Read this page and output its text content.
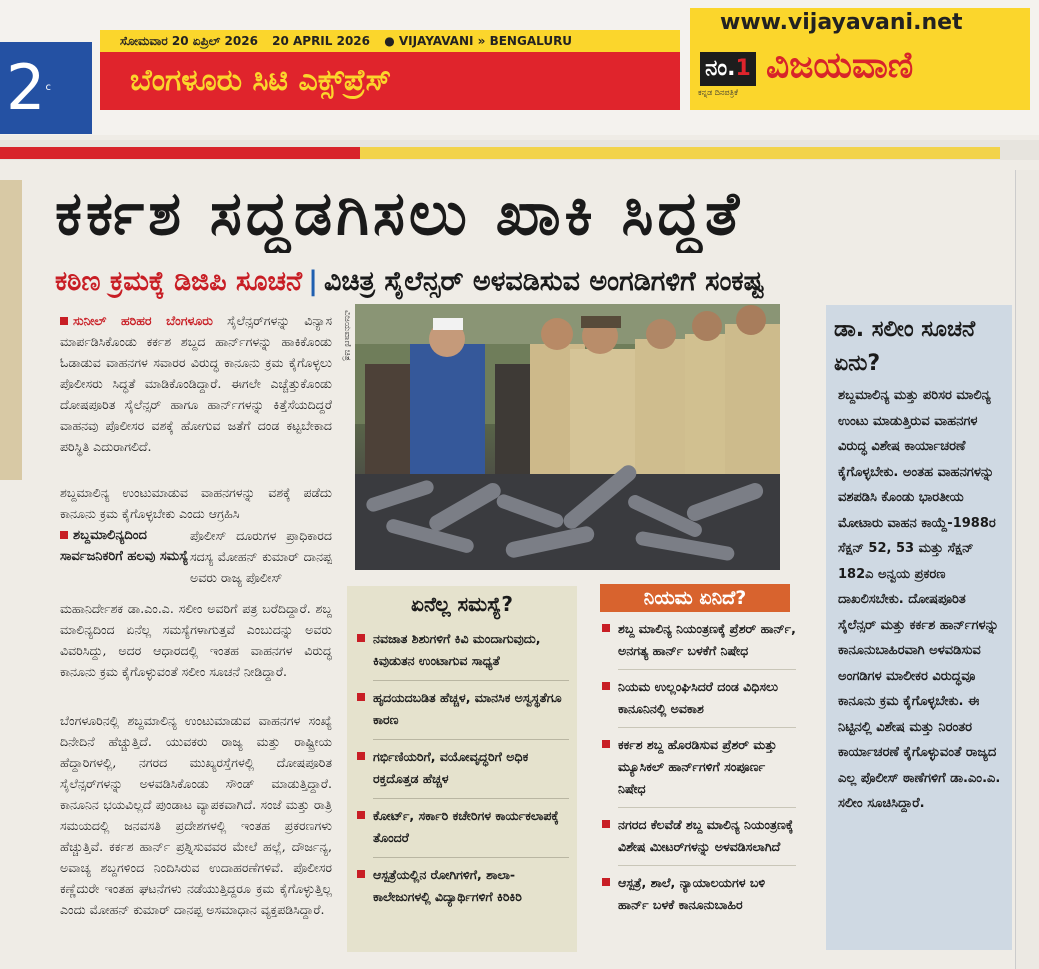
2c
ಸೋಮವಾರ 20 ಏಪ್ರಿಲ್ 2026 20 APRIL 2026 ● VIJAYAVANI » BENGALURU
ಬೆಂಗಳೂರು ಸಿಟಿ ಎಕ್ಸ್‌ಪ್ರೆಸ್
www.vijayavani.net
ನಂ.1
ಕನ್ನಡ ದಿನಪತ್ರಿಕೆ
ವಿಜಯವಾಣಿ
ಕರ್ಕಶ ಸದ್ದಡಗಿಸಲು ಖಾಕಿ ಸಿದ್ಧತೆ
ಕಠಿಣ ಕ್ರಮಕ್ಕೆ ಡಿಜಿಪಿ ಸೂಚನೆ | ವಿಚಿತ್ರ ಸೈಲೆನ್ಸರ್ ಅಳವಡಿಸುವ ಅಂಗಡಿಗಳಿಗೆ ಸಂಕಷ್ಟ

ಸುನೀಲ್ ಹರಿಹರ ಬೆಂಗಳೂರು ಸೈಲೆನ್ಸರ್‌ಗಳನ್ನು ವಿನ್ಯಾಸ ಮಾರ್ಪಡಿಸಿಕೊಂಡು ಕರ್ಕಶ ಶಬ್ದದ ಹಾರ್ನ್‌ಗಳನ್ನು ಹಾಕಿಕೊಂಡು ಓಡಾಡುವ ವಾಹನಗಳ ಸವಾರರ ವಿರುದ್ಧ ಕಾನೂನು ಕ್ರಮ ಕೈಗೊಳ್ಳಲು ಪೊಲೀಸರು ಸಿದ್ಧತೆ ಮಾಡಿಕೊಂಡಿದ್ದಾರೆ. ಈಗಲೇ ಎಚ್ಚೆತ್ತುಕೊಂಡು ದೋಷಪೂರಿತ ಸೈಲೆನ್ಸರ್ ಹಾಗೂ ಹಾರ್ನ್‌ಗಳನ್ನು ಕಿತ್ತೆಸೆಯದಿದ್ದರೆ ವಾಹನವು ಪೊಲೀಸರ ವಶಕ್ಕೆ ಹೋಗುವ ಜತೆಗೆ ದಂಡ ಕಟ್ಟಬೇಕಾದ ಪರಿಸ್ಥಿತಿ ಎದುರಾಗಲಿದೆ.

ಶಬ್ದಮಾಲಿನ್ಯ ಉಂಟುಮಾಡುವ ವಾಹನಗಳನ್ನು ವಶಕ್ಕೆ ಪಡೆದು ಕಾನೂನು ಕ್ರಮ ಕೈಗೊಳ್ಳಬೇಕು ಎಂದು ಆಗ್ರಹಿಸಿ
ಶಬ್ದಮಾಲಿನ್ಯದಿಂದ ಸಾರ್ವಜನಿಕರಿಗೆ ಹಲವು ಸಮಸ್ಯೆ
ಪೊಲೀಸ್ ದೂರುಗಳ ಪ್ರಾಧಿಕಾರದ ಸದಸ್ಯ ಮೋಹನ್ ಕುಮಾರ್ ದಾನಪ್ಪ ಅವರು ರಾಜ್ಯ ಪೊಲೀಸ್
ಮಹಾನಿರ್ದೇಶಕ ಡಾ.ಎಂ.ಎ. ಸಲೀಂ ಅವರಿಗೆ ಪತ್ರ ಬರೆದಿದ್ದಾರೆ. ಶಬ್ದ ಮಾಲಿನ್ಯದಿಂದ ಏನೆಲ್ಲ ಸಮಸ್ಯೆಗಳಾಗುತ್ತವೆ ಎಂಬುದನ್ನು ಅವರು ವಿವರಿಸಿದ್ದು, ಅದರ ಆಧಾರದಲ್ಲಿ ಇಂತಹ ವಾಹನಗಳ ವಿರುದ್ಧ ಕಾನೂನು ಕ್ರಮ ಕೈಗೊಳ್ಳುವಂತೆ ಸಲೀಂ ಸೂಚನೆ ನೀಡಿದ್ದಾರೆ.
ಬೆಂಗಳೂರಿನಲ್ಲಿ ಶಬ್ದಮಾಲಿನ್ಯ ಉಂಟುಮಾಡುವ ವಾಹನಗಳ ಸಂಖ್ಯೆ ದಿನೇದಿನೆ ಹೆಚ್ಚುತ್ತಿದೆ. ಯುವಕರು ರಾಜ್ಯ ಮತ್ತು ರಾಷ್ಟ್ರೀಯ ಹೆದ್ದಾರಿಗಳಲ್ಲಿ, ನಗರದ ಮುಖ್ಯರಸ್ತೆಗಳಲ್ಲಿ ದೋಷಪೂರಿತ ಸೈಲೆನ್ಸರ್‌ಗಳನ್ನು ಅಳವಡಿಸಿಕೊಂಡು ಸೌಂಡ್ ಮಾಡುತ್ತಿದ್ದಾರೆ. ಕಾನೂನಿನ ಭಯವಿಲ್ಲದೆ ಪುಂಡಾಟ ವ್ಯಾಪಕವಾಗಿದೆ. ಸಂಜೆ ಮತ್ತು ರಾತ್ರಿ ಸಮಯದಲ್ಲಿ ಜನವಸತಿ ಪ್ರದೇಶಗಳಲ್ಲಿ ಇಂತಹ ಪ್ರಕರಣಗಳು ಹೆಚ್ಚುತ್ತಿವೆ. ಕರ್ಕಶ ಹಾರ್ನ್ ಪ್ರಶ್ನಿಸುವವರ ಮೇಲೆ ಹಲ್ಲೆ, ದೌರ್ಜನ್ಯ, ಅವಾಚ್ಯ ಶಬ್ದಗಳಿಂದ ನಿಂದಿಸಿರುವ ಉದಾಹರಣೆಗಳಿವೆ. ಪೊಲೀಸರ ಕಣ್ಣೆದುರೇ ಇಂತಹ ಘಟನೆಗಳು ನಡೆಯುತ್ತಿದ್ದರೂ ಕ್ರಮ ಕೈಗೊಳ್ಳುತ್ತಿಲ್ಲ ಎಂದು ಮೋಹನ್ ಕುಮಾರ್ ದಾನಪ್ಪ ಅಸಮಾಧಾನ ವ್ಯಕ್ತಪಡಿಸಿದ್ದಾರೆ.
ವಿಜಯವಾಣಿ ಚಿತ್ರ
ಏನೆಲ್ಲ ಸಮಸ್ಯೆ?
ನವಜಾತ ಶಿಶುಗಳಿಗೆ ಕಿವಿ ಮಂದಾಗುವುದು, ಕಿವುಡುತನ ಉಂಟಾಗುವ ಸಾಧ್ಯತೆ
ಹೃದಯದಬಡಿತ ಹೆಚ್ಚಳ, ಮಾನಸಿಕ ಅಸ್ವಸ್ಥತೆಗೂ ಕಾರಣ
ಗರ್ಭಿಣಿಯರಿಗೆ, ವಯೋವೃದ್ಧರಿಗೆ ಅಧಿಕ ರಕ್ತದೊತ್ತಡ ಹೆಚ್ಚಳ
ಕೋರ್ಟ್, ಸರ್ಕಾರಿ ಕಚೇರಿಗಳ ಕಾರ್ಯಕಲಾಪಕ್ಕೆ ತೊಂದರೆ
ಆಸ್ಪತ್ರೆಯಲ್ಲಿನ ರೋಗಿಗಳಿಗೆ, ಶಾಲಾ-ಕಾಲೇಜುಗಳಲ್ಲಿ ವಿದ್ಯಾರ್ಥಿಗಳಿಗೆ ಕಿರಿಕಿರಿ
ನಿಯಮ ಏನಿದೆ?
ಶಬ್ದ ಮಾಲಿನ್ಯ ನಿಯಂತ್ರಣಕ್ಕೆ ಪ್ರೆಶರ್ ಹಾರ್ನ್, ಅನಗತ್ಯ ಹಾರ್ನ್ ಬಳಕೆಗೆ ನಿಷೇಧ
ನಿಯಮ ಉಲ್ಲಂಘಿಸಿದರೆ ದಂಡ ವಿಧಿಸಲು ಕಾನೂನಿನಲ್ಲಿ ಅವಕಾಶ
ಕರ್ಕಶ ಶಬ್ದ ಹೊರಡಿಸುವ ಪ್ರೆಶರ್ ಮತ್ತು ಮ್ಯೂಸಿಕಲ್ ಹಾರ್ನ್‌ಗಳಿಗೆ ಸಂಪೂರ್ಣ ನಿಷೇಧ
ನಗರದ ಕೆಲವೆಡೆ ಶಬ್ದ ಮಾಲಿನ್ಯ ನಿಯಂತ್ರಣಕ್ಕೆ ವಿಶೇಷ ಮೀಟರ್‌ಗಳನ್ನು ಅಳವಡಿಸಲಾಗಿದೆ
ಆಸ್ಪತ್ರೆ, ಶಾಲೆ, ನ್ಯಾಯಾಲಯಗಳ ಬಳಿ ಹಾರ್ನ್ ಬಳಕೆ ಕಾನೂನುಬಾಹಿರ
ಡಾ. ಸಲೀಂ ಸೂಚನೆ ಏನು?
ಶಬ್ದಮಾಲಿನ್ಯ ಮತ್ತು ಪರಿಸರ ಮಾಲಿನ್ಯ ಉಂಟು ಮಾಡುತ್ತಿರುವ ವಾಹನಗಳ ವಿರುದ್ಧ ವಿಶೇಷ ಕಾರ್ಯಾಚರಣೆ ಕೈಗೊಳ್ಳಬೇಕು. ಅಂತಹ ವಾಹನಗಳನ್ನು ವಶಪಡಿಸಿ ಕೊಂಡು ಭಾರತೀಯ ಮೋಟಾರು ವಾಹನ ಕಾಯ್ದೆ-1988ರ ಸೆಕ್ಷನ್ 52, 53 ಮತ್ತು ಸೆಕ್ಷನ್ 182ಎ ಅನ್ವಯ ಪ್ರಕರಣ ದಾಖಲಿಸಬೇಕು. ದೋಷಪೂರಿತ ಸೈಲೆನ್ಸರ್ ಮತ್ತು ಕರ್ಕಶ ಹಾರ್ನ್‌ಗಳನ್ನು ಕಾನೂನುಬಾಹಿರವಾಗಿ ಅಳವಡಿಸುವ ಅಂಗಡಿಗಳ ಮಾಲೀಕರ ವಿರುದ್ಧವೂ ಕಾನೂನು ಕ್ರಮ ಕೈಗೊಳ್ಳಬೇಕು. ಈ ನಿಟ್ಟಿನಲ್ಲಿ ವಿಶೇಷ ಮತ್ತು ನಿರಂತರ ಕಾರ್ಯಾಚರಣೆ ಕೈಗೊಳ್ಳುವಂತೆ ರಾಜ್ಯದ ಎಲ್ಲ ಪೊಲೀಸ್ ಠಾಣೆಗಳಿಗೆ ಡಾ.ಎಂ.ಎ. ಸಲೀಂ ಸೂಚಿಸಿದ್ದಾರೆ.
